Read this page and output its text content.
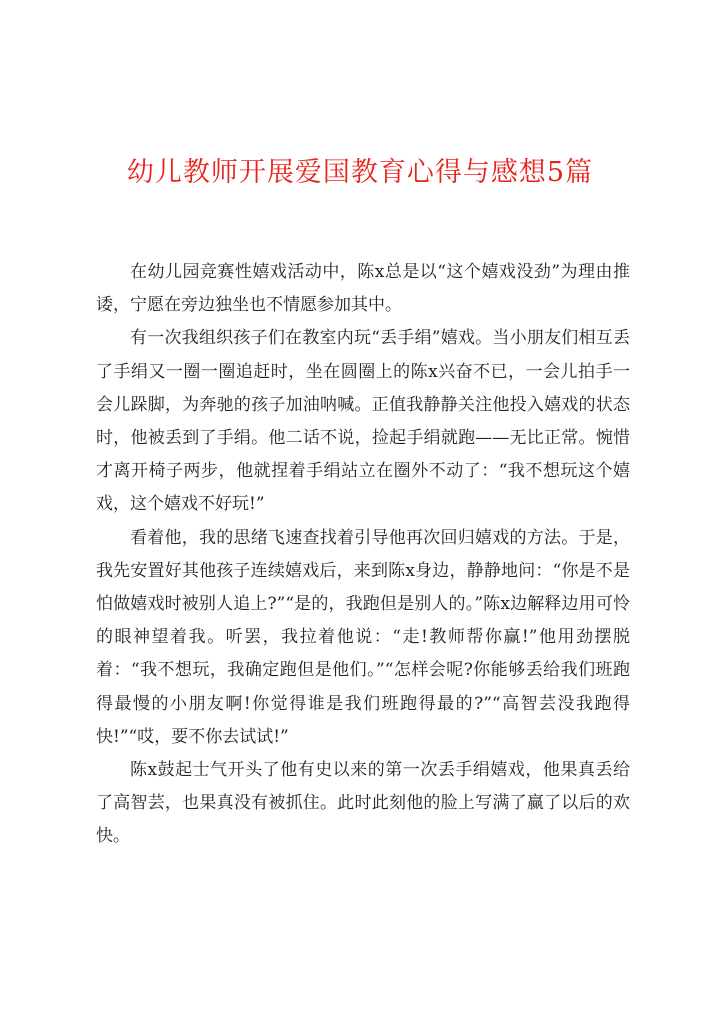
幼儿教师开展爱国教育心得与感想5篇

在幼儿园竞赛性嬉戏活动中，陈x总是以“这个嬉戏没劲”为理由推诿，宁愿在旁边独坐也不情愿参加其中。

有一次我组织孩子们在教室内玩“丢手绢”嬉戏。当小朋友们相互丢了手绢又一圈一圈追赶时，坐在圆圈上的陈x兴奋不已，一会儿拍手一会儿跺脚，为奔驰的孩子加油呐喊。正值我静静关注他投入嬉戏的状态时，他被丢到了手绢。他二话不说，捡起手绢就跑——无比正常。惋惜才离开椅子两步，他就捏着手绢站立在圈外不动了：“我不想玩这个嬉戏，这个嬉戏不好玩!”

看着他，我的思绪飞速查找着引导他再次回归嬉戏的方法。于是，我先安置好其他孩子连续嬉戏后，来到陈x身边，静静地问：“你是不是怕做嬉戏时被别人追上?”“是的，我跑但是别人的。”陈x边解释边用可怜的眼神望着我。听罢，我拉着他说：“走!教师帮你赢!”他用劲摆脱着：“我不想玩，我确定跑但是他们。”“怎样会呢?你能够丢给我们班跑得最慢的小朋友啊!你觉得谁是我们班跑得最的?”“高智芸没我跑得快!”“哎，要不你去试试!”

陈x鼓起士气开头了他有史以来的第一次丢手绢嬉戏，他果真丢给了高智芸，也果真没有被抓住。此时此刻他的脸上写满了赢了以后的欢快。
